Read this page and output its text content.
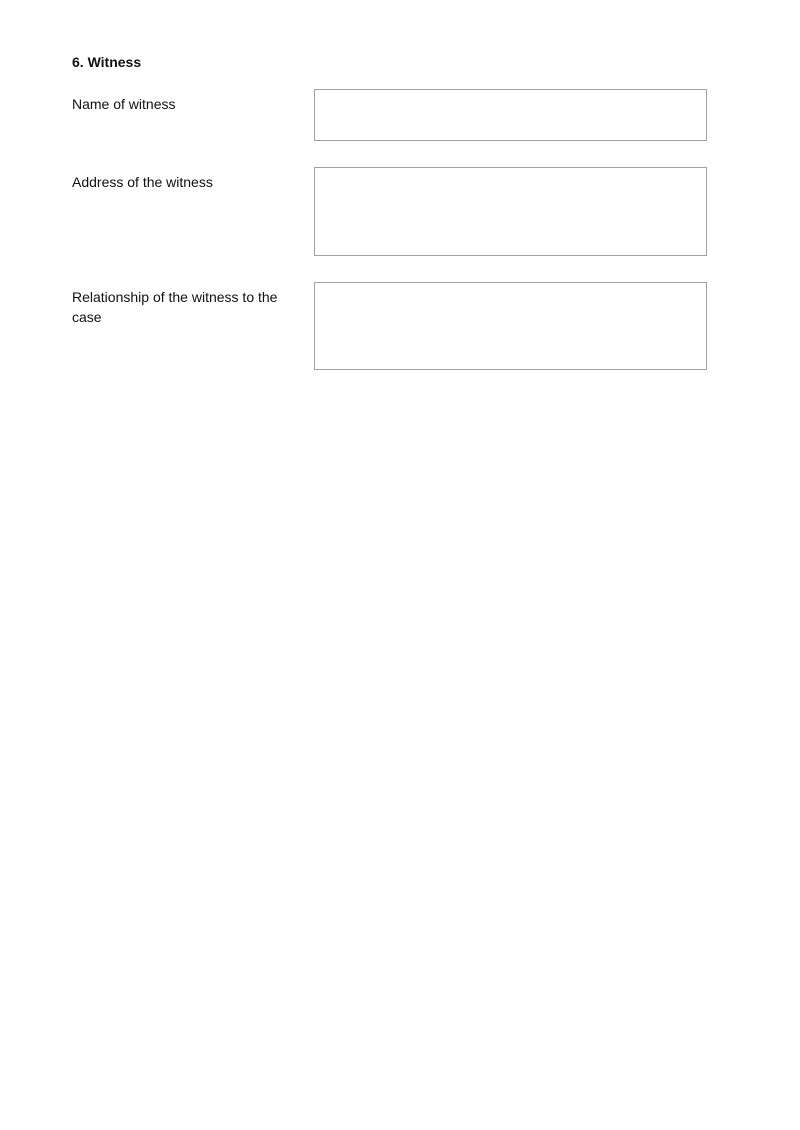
6. Witness
Name of witness
Address of the witness
Relationship of the witness to the case
